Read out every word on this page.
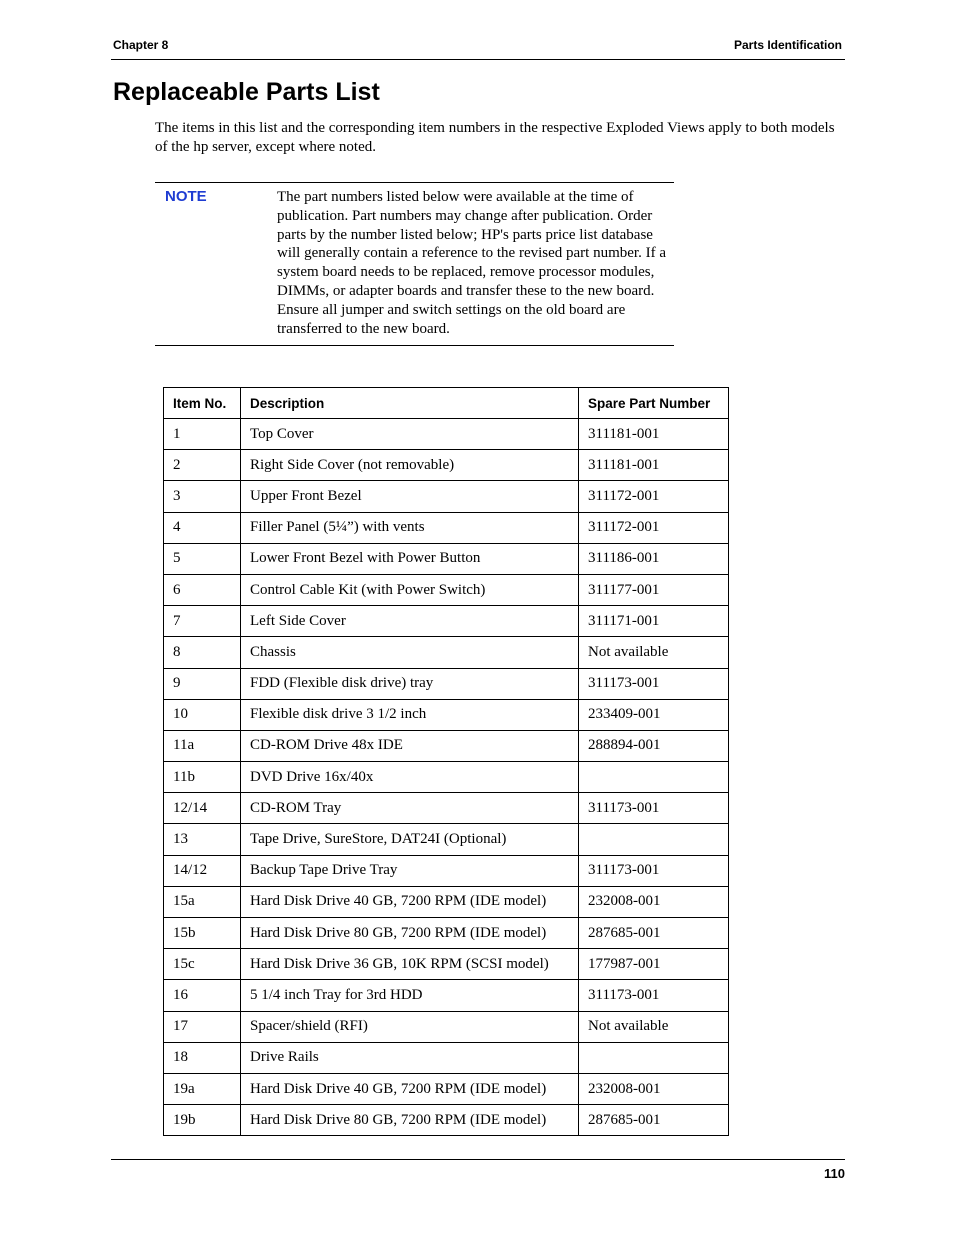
Chapter 8	Parts Identification
Replaceable Parts List

The items in this list and the corresponding item numbers in the respective Exploded Views apply to both models of the hp server, except where noted.

NOTE	The part numbers listed below were available at the time of publication. Part numbers may change after publication. Order parts by the number listed below; HP's parts price list database will generally contain a reference to the revised part number. If a system board needs to be replaced, remove processor modules, DIMMs, or adapter boards and transfer these to the new board. Ensure all jumper and switch settings on the old board are transferred to the new board.

Item No.	Description	Spare Part Number
1	Top Cover	311181-001
2	Right Side Cover (not removable)	311181-001
3	Upper Front Bezel	311172-001
4	Filler Panel (5¼”) with vents	311172-001
5	Lower Front Bezel with Power Button	311186-001
6	Control Cable Kit (with Power Switch)	311177-001
7	Left Side Cover	311171-001
8	Chassis	Not available
9	FDD (Flexible disk drive) tray	311173-001
10	Flexible disk drive 3 1/2 inch	233409-001
11a	CD-ROM Drive 48x IDE	288894-001
11b	DVD Drive 16x/40x	
12/14	CD-ROM Tray	311173-001
13	Tape Drive, SureStore, DAT24I (Optional)	
14/12	Backup Tape Drive Tray	311173-001
15a	Hard Disk Drive 40 GB, 7200 RPM (IDE model)	232008-001
15b	Hard Disk Drive 80 GB, 7200 RPM (IDE model)	287685-001
15c	Hard Disk Drive 36 GB, 10K RPM (SCSI model)	177987-001
16	5 1/4 inch Tray for 3rd HDD	311173-001
17	Spacer/shield (RFI)	Not available
18	Drive Rails	
19a	Hard Disk Drive 40 GB, 7200 RPM (IDE model)	232008-001
19b	Hard Disk Drive 80 GB, 7200 RPM (IDE model)	287685-001
110
